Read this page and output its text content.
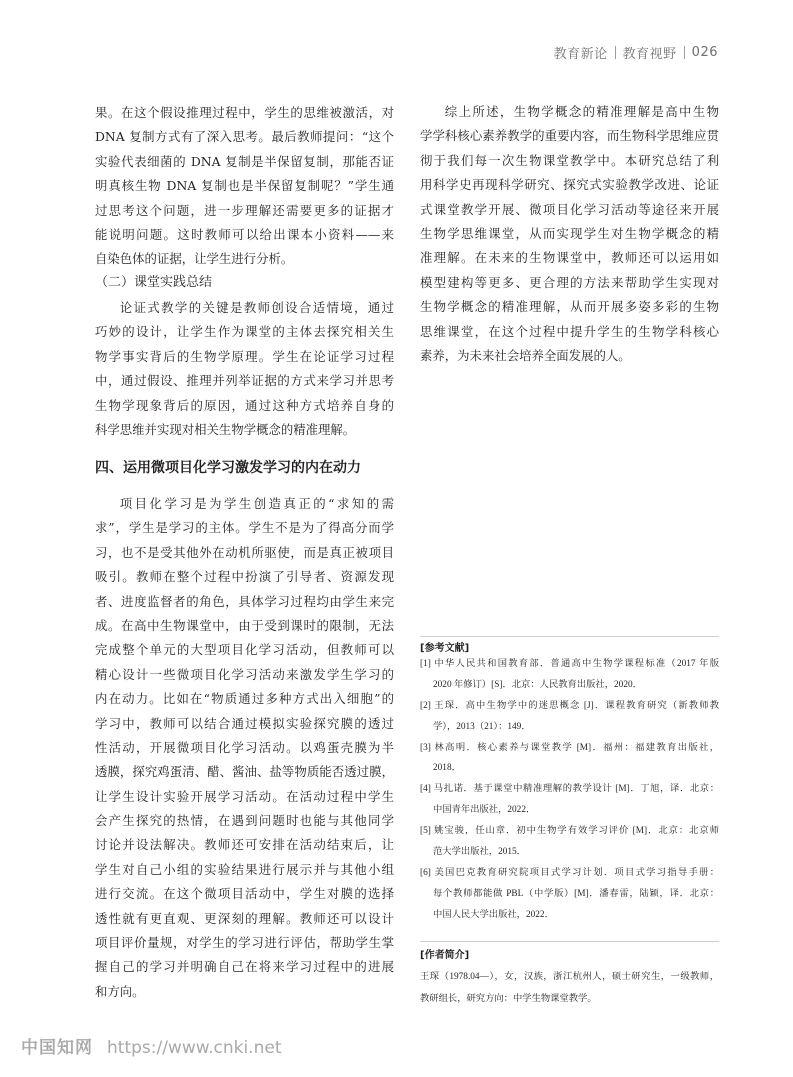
教育新论 教育视野 026
果。在这个假设推理过程中，学生的思维被激活，对
DNA 复制方式有了深入思考。最后教师提问：“这个
实验代表细菌的 DNA 复制是半保留复制，那能否证
明真核生物 DNA 复制也是半保留复制呢？”学生通
过思考这个问题，进一步理解还需要更多的证据才
能说明问题。这时教师可以给出课本小资料——来
自染色体的证据，让学生进行分析。
（二）课堂实践总结
论证式教学的关键是教师创设合适情境，通过
巧妙的设计，让学生作为课堂的主体去探究相关生
物学事实背后的生物学原理。学生在论证学习过程
中，通过假设、推理并列举证据的方式来学习并思考
生物学现象背后的原因，通过这种方式培养自身的
科学思维并实现对相关生物学概念的精准理解。
四、运用微项目化学习激发学习的内在动力
项目化学习是为学生创造真正的“求知的需
求”，学生是学习的主体。学生不是为了得高分而学
习，也不是受其他外在动机所驱使，而是真正被项目
吸引。教师在整个过程中扮演了引导者、资源发现
者、进度监督者的角色，具体学习过程均由学生来完
成。在高中生物课堂中，由于受到课时的限制，无法
完成整个单元的大型项目化学习活动，但教师可以
精心设计一些微项目化学习活动来激发学生学习的
内在动力。比如在“物质通过多种方式出入细胞”的
学习中，教师可以结合通过模拟实验探究膜的透过
性活动，开展微项目化学习活动。以鸡蛋壳膜为半
透膜，探究鸡蛋清、醋、酱油、盐等物质能否透过膜，
让学生设计实验开展学习活动。在活动过程中学生
会产生探究的热情，在遇到问题时也能与其他同学
讨论并设法解决。教师还可安排在活动结束后，让
学生对自己小组的实验结果进行展示并与其他小组
进行交流。在这个微项目活动中，学生对膜的选择
透性就有更直观、更深刻的理解。教师还可以设计
项目评价量规，对学生的学习进行评估，帮助学生掌
握自己的学习并明确自己在将来学习过程中的进展
和方向。
综上所述，生物学概念的精准理解是高中生物
学学科核心素养教学的重要内容，而生物科学思维应贯
彻于我们每一次生物课堂教学中。本研究总结了利
用科学史再现科学研究、探究式实验教学改进、论证
式课堂教学开展、微项目化学习活动等途径来开展
生物学思维课堂，从而实现学生对生物学概念的精
准理解。在未来的生物课堂中，教师还可以运用如
模型建构等更多、更合理的方法来帮助学生实现对
生物学概念的精准理解，从而开展多姿多彩的生物
思维课堂，在这个过程中提升学生的生物学科核心
素养，为未来社会培养全面发展的人。
[参考文献]
[1] 中华人民共和国教育部．普通高中生物学课程标准（2017 年版
2020 年修订）[S]．北京：人民教育出版社，2020．
[2] 王琛．高中生物学中的迷思概念 [J]．课程教育研究（新教师教
学），2013（21）：149．
[3] 林高明．核心素养与课堂教学 [M]．福州：福建教育出版社，
2018．
[4] 马扎诺．基于课堂中精准理解的教学设计 [M]．丁旭，译．北京：
中国青年出版社，2022．
[5] 姚宝骏，任山章．初中生物学有效学习评价 [M]．北京：北京师
范大学出版社，2015．
[6] 美国巴克教育研究院项目式学习计划．项目式学习指导手册：
每个教师都能做 PBL（中学版）[M]．潘春雷，陆颖，译．北京：
中国人民大学出版社，2022．
[作者简介]
王琛（1978.04—），女，汉族，浙江杭州人，硕士研究生，一级教师，
教研组长，研究方向：中学生物课堂教学。
中国知网 https://www.cnki.net
